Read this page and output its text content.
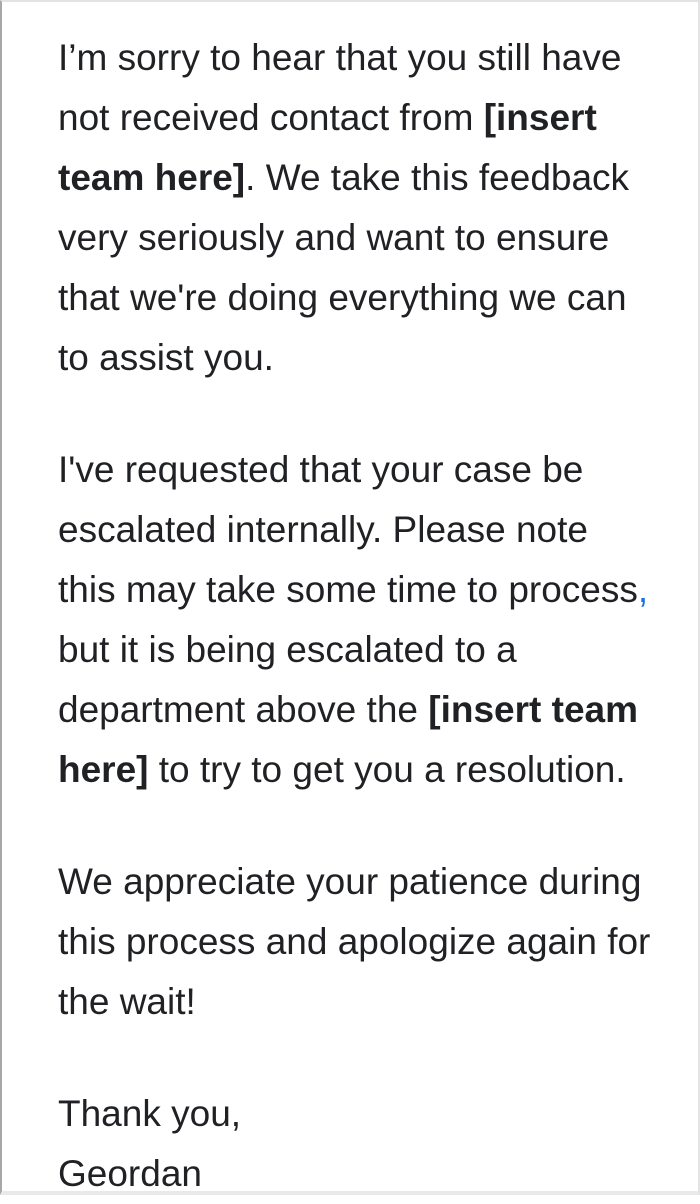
I’m sorry to hear that you still have
not received contact from [insert
team here]. We take this feedback
very seriously and want to ensure
that we're doing everything we can
to assist you.
I've requested that your case be
escalated internally. Please note
this may take some time to process,
but it is being escalated to a
department above the [insert team
here] to try to get you a resolution.
We appreciate your patience during
this process and apologize again for
the wait!
Thank you,
Geordan
